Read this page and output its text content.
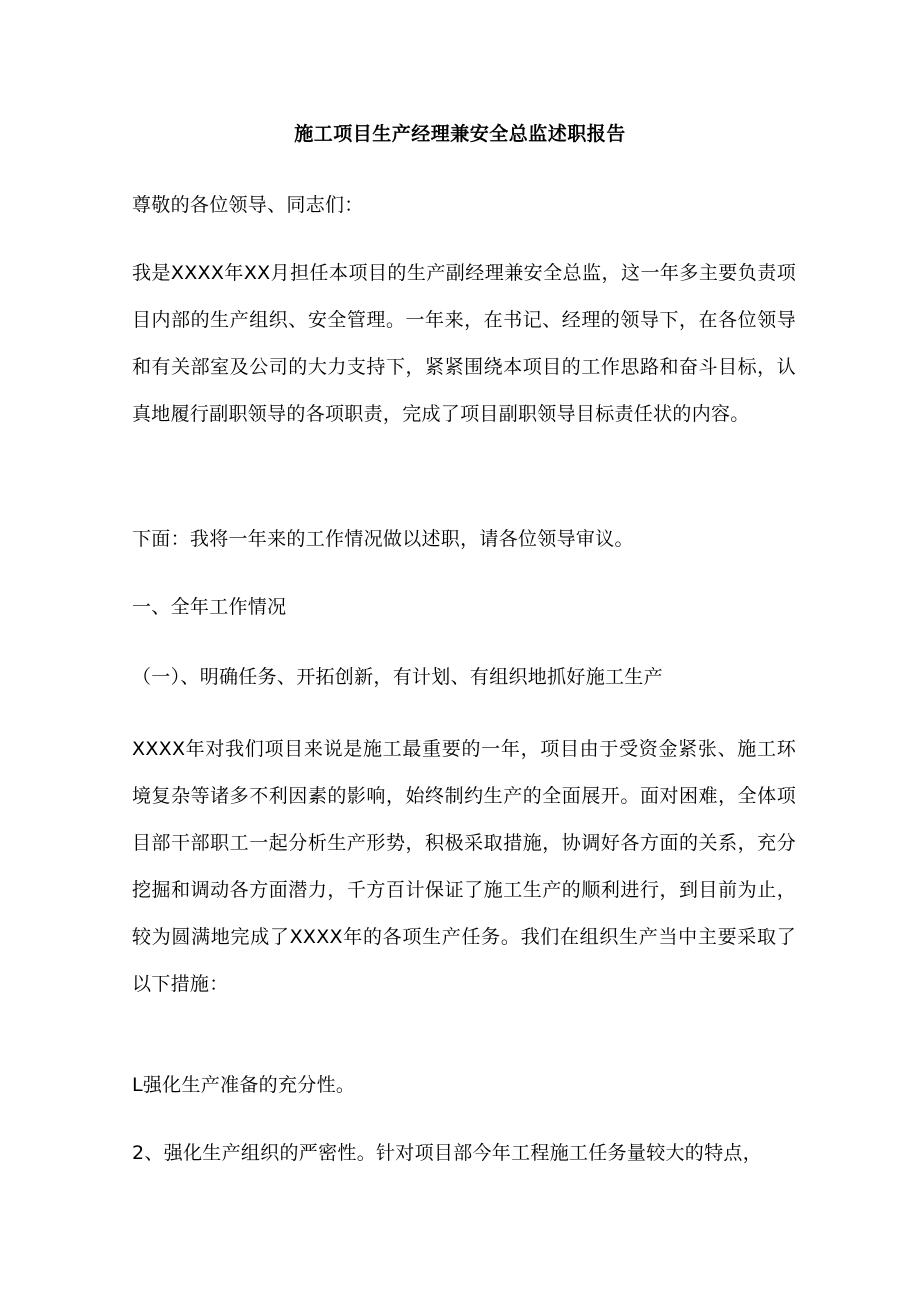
施工项目生产经理兼安全总监述职报告

尊敬的各位领导、同志们：

我是XXXX年XX月担任本项目的生产副经理兼安全总监，这一年多主要负责项目内部的生产组织、安全管理。一年来，在书记、经理的领导下，在各位领导和有关部室及公司的大力支持下，紧紧围绕本项目的工作思路和奋斗目标，认真地履行副职领导的各项职责，完成了项目副职领导目标责任状的内容。

下面：我将一年来的工作情况做以述职，请各位领导审议。

一、全年工作情况

（一）、明确任务、开拓创新，有计划、有组织地抓好施工生产

XXXX年对我们项目来说是施工最重要的一年，项目由于受资金紧张、施工环境复杂等诸多不利因素的影响，始终制约生产的全面展开。面对困难，全体项目部干部职工一起分析生产形势，积极采取措施，协调好各方面的关系，充分挖掘和调动各方面潜力，千方百计保证了施工生产的顺利进行，到目前为止，较为圆满地完成了XXXX年的各项生产任务。我们在组织生产当中主要采取了以下措施：

L强化生产准备的充分性。

2、强化生产组织的严密性。针对项目部今年工程施工任务量较大的特点，
